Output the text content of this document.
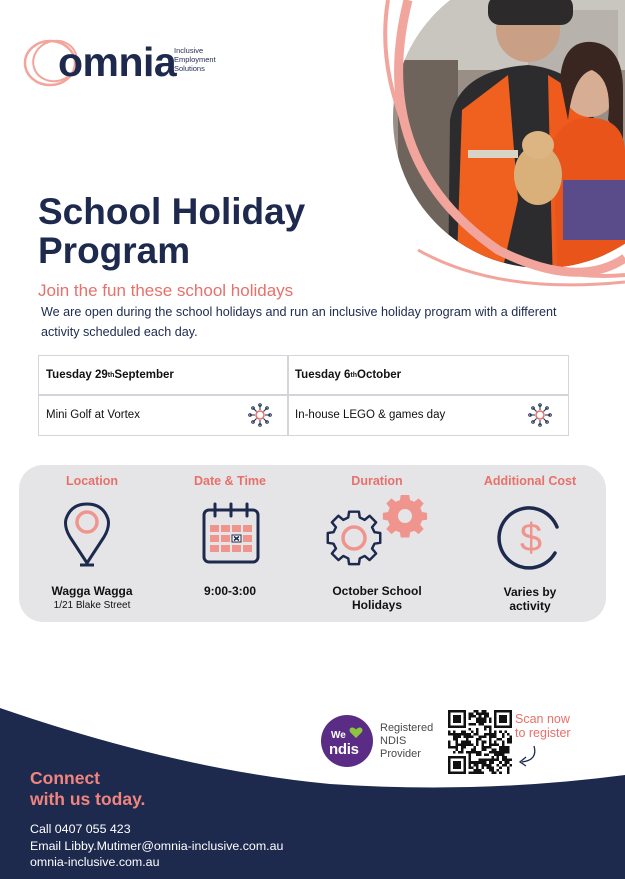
omnia
Inclusive
Employment
Solutions
School Holiday
Program
Join the fun these school holidays
We are open during the school holidays and run an inclusive holiday program with a different activity scheduled each day.
Tuesday 29 th September	Tuesday 6 th October
Mini Golf at Vortex	In-house LEGO & games day
Location
Wagga Wagga
1/21 Blake Street
Date & Time
9:00-3:00
Duration
October School
Holidays
Additional Cost
$
Varies by
activity
We
ndis
Registered
NDIS
Provider
Scan now
to register
Connect
with us today.
Call 0407 055 423
Email Libby.Mutimer@omnia-inclusive.com.au
omnia-inclusive.com.au
